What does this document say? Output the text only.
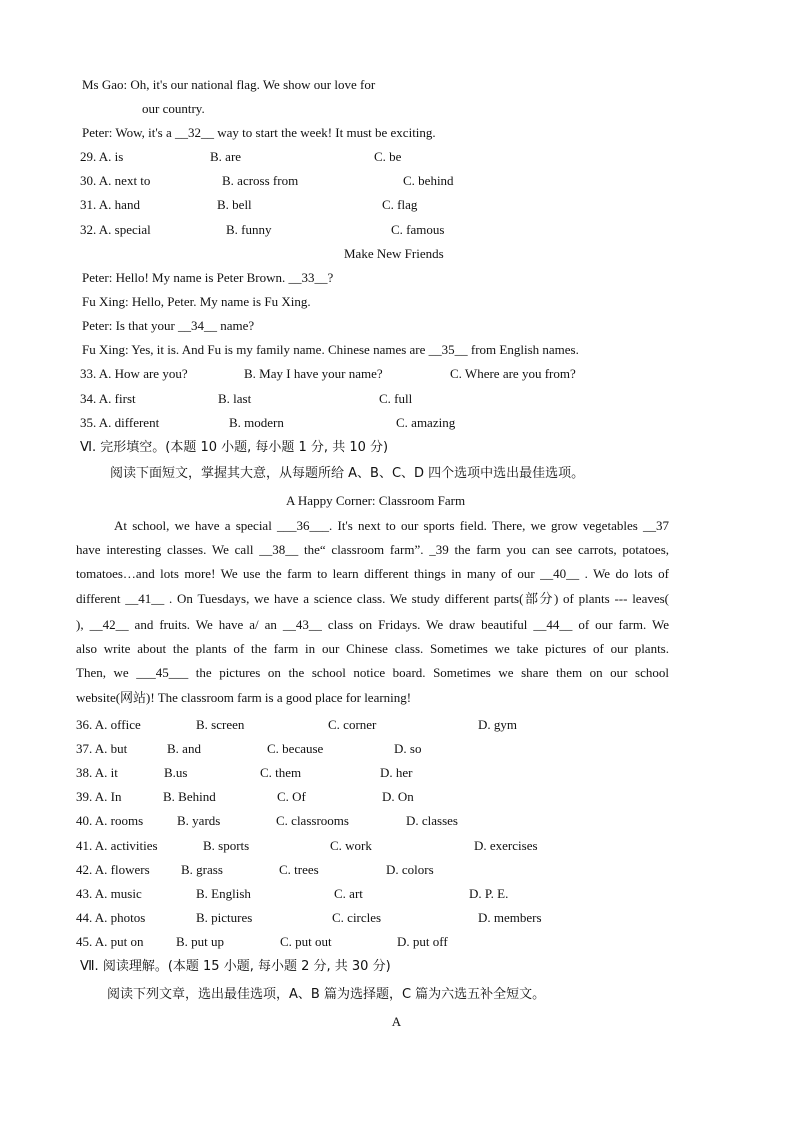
Ms Gao: Oh, it's our national flag. We show our love for
our country.
Peter: Wow, it's a __32__ way to start the week! It must be exciting.
29. A. is	B. are	C. be
30. A. next to	B. across from	C. behind
31. A. hand	B. bell	C. flag
32. A. special	B. funny	C. famous
Make New Friends
Peter: Hello! My name is Peter Brown. __33__?
Fu Xing: Hello, Peter. My name is Fu Xing.
Peter: Is that your __34__ name?
Fu Xing: Yes, it is. And Fu is my family name. Chinese names are __35__ from English names.
33. A. How are you?	B. May I have your name?	C. Where are you from?
34. A. first	B. last	C. full
35. A. different	B. modern	C. amazing
Ⅵ. 完形填空。(本题 10 小题, 每小题 1 分, 共 10 分)
阅读下面短文，掌握其大意，从每题所给 A、B、C、D 四个选项中选出最佳选项。
A Happy Corner: Classroom Farm
At school, we have a special ___36___. It's next to our sports field. There, we grow vegetables __37
have interesting classes. We call __38__ the“ classroom farm”. _39 the farm you can see carrots, potatoes,
tomatoes…and lots more! We use the farm to learn different things in many of our __40__ . We do lots of
different __41__ . On Tuesdays, we have a science class. We study different parts(部分) of plants --- leaves(
), __42__ and fruits. We have a/ an __43__ class on Fridays. We draw beautiful __44__ of our farm. We
also write about the plants of the farm in our Chinese class. Sometimes we take pictures of our plants.
Then, we ___45___ the pictures on the school notice board. Sometimes we share them on our school
website(网站)! The classroom farm is a good place for learning!
36. A. office	B. screen	C. corner	D. gym
37. A. but	B. and	C. because	D. so
38. A. it	B.us	C. them	D. her
39. A. In	B. Behind	C. Of	D. On
40. A. rooms	B. yards	C. classrooms	D. classes
41. A. activities	B. sports	C. work	D. exercises
42. A. flowers B. grass	C. trees	D. colors
43. A. music	B. English	C. art	D. P. E.
44. A. photos	B. pictures	C. circles	D. members
45. A. put on B. put up	C. put out	D. put off
Ⅶ. 阅读理解。(本题 15 小题, 每小题 2 分, 共 30 分)
阅读下列文章，选出最佳选项，A、B 篇为选择题，C 篇为六选五补全短文。
A
